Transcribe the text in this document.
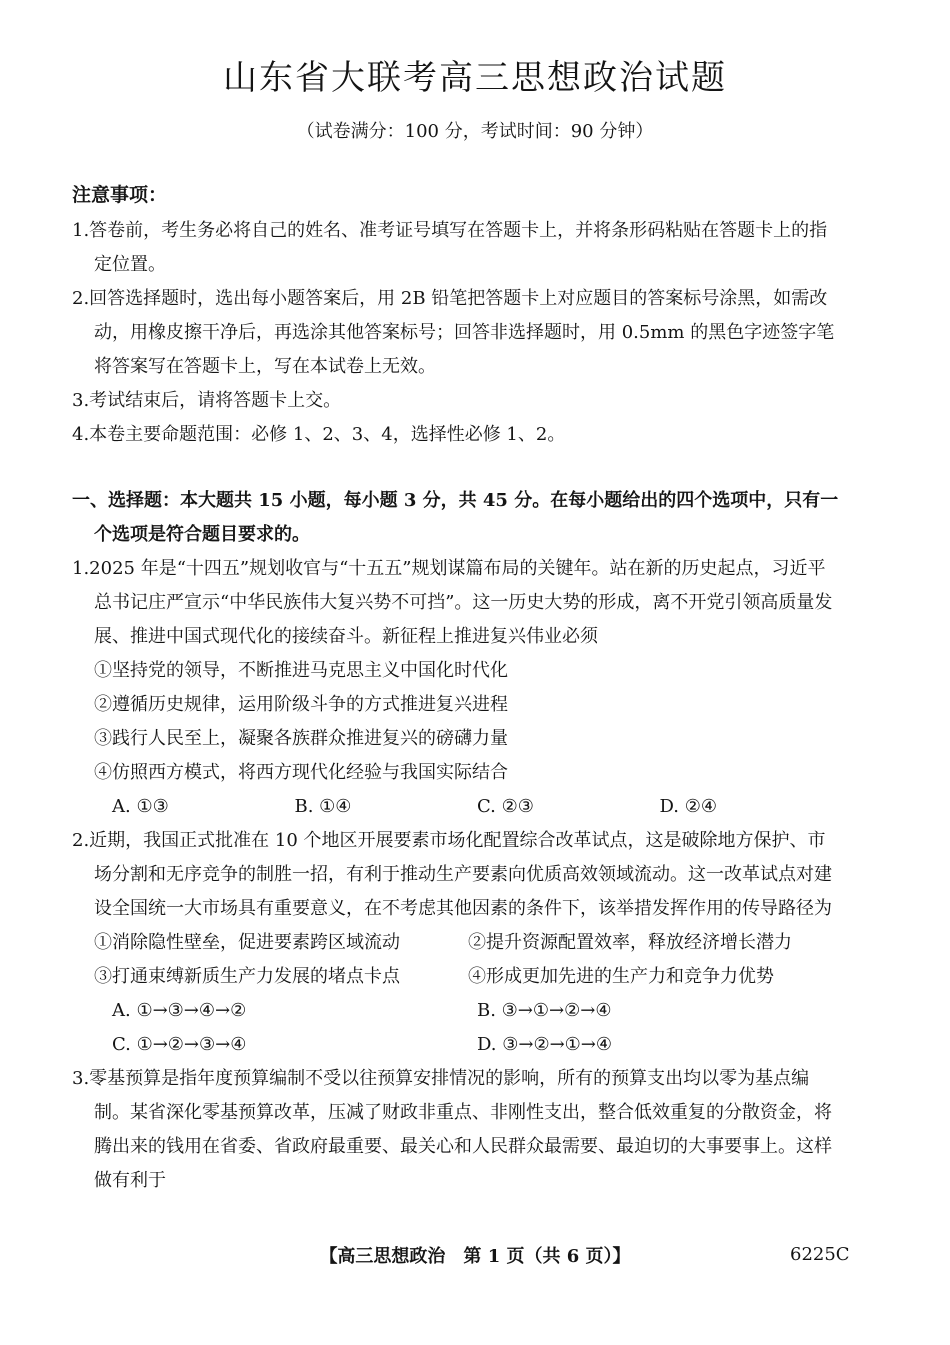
山东省大联考高三思想政治试题
（试卷满分：100 分，考试时间：90 分钟）
注意事项：
1.答卷前，考生务必将自己的姓名、准考证号填写在答题卡上，并将条形码粘贴在答题卡上的指定位置。
2.回答选择题时，选出每小题答案后，用 2B 铅笔把答题卡上对应题目的答案标号涂黑，如需改动，用橡皮擦干净后，再选涂其他答案标号；回答非选择题时，用 0.5mm 的黑色字迹签字笔将答案写在答题卡上，写在本试卷上无效。
3.考试结束后，请将答题卡上交。
4.本卷主要命题范围：必修 1、2、3、4，选择性必修 1、2。
一、选择题：本大题共 15 小题，每小题 3 分，共 45 分。在每小题给出的四个选项中，只有一个选项是符合题目要求的。
1.2025 年是“十四五”规划收官与“十五五”规划谋篇布局的关键年。站在新的历史起点，习近平总书记庄严宣示“中华民族伟大复兴势不可挡”。这一历史大势的形成，离不开党引领高质量发展、推进中国式现代化的接续奋斗。新征程上推进复兴伟业必须
①坚持党的领导，不断推进马克思主义中国化时代化
②遵循历史规律，运用阶级斗争的方式推进复兴进程
③践行人民至上，凝聚各族群众推进复兴的磅礴力量
④仿照西方模式，将西方现代化经验与我国实际结合
A. ①③	B. ①④	C. ②③	D. ②④
2.近期，我国正式批准在 10 个地区开展要素市场化配置综合改革试点，这是破除地方保护、市场分割和无序竞争的制胜一招，有利于推动生产要素向优质高效领域流动。这一改革试点对建设全国统一大市场具有重要意义，在不考虑其他因素的条件下，该举措发挥作用的传导路径为
①消除隐性壁垒，促进要素跨区域流动	②提升资源配置效率，释放经济增长潜力
③打通束缚新质生产力发展的堵点卡点	④形成更加先进的生产力和竞争力优势
A. ①→③→④→②	B. ③→①→②→④
C. ①→②→③→④	D. ③→②→①→④
3.零基预算是指年度预算编制不受以往预算安排情况的影响，所有的预算支出均以零为基点编制。某省深化零基预算改革，压减了财政非重点、非刚性支出，整合低效重复的分散资金，将腾出来的钱用在省委、省政府最重要、最关心和人民群众最需要、最迫切的大事要事上。这样做有利于
【高三思想政治　第 1 页（共 6 页）】	6225C
